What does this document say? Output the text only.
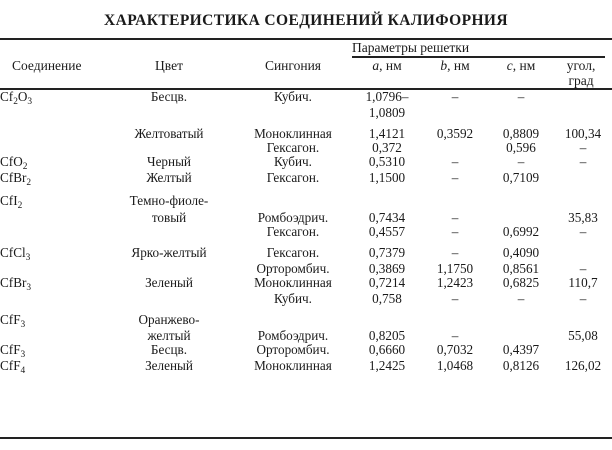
ХАРАКТЕРИСТИКА СОЕДИНЕНИЙ КАЛИФОРНИЯ
			Параметры решетки			

Соединение	Цвет	Сингония	a, нм	b, нм	c, нм	угол,
град
$Cf_2O_3$	Бесцв.	Кубич.	1,0796–	–	–	
			1,0809			

	Желтоватый	Моноклинная	1,4121	0,3592	0,8809	100,34
		Гексагон.	0,372		0,596	–
CfO$_2$	Черный	Кубич.	0,5310	–	–	–
CfBr$_2$	Желтый	Гексагон.	1,1500	–	0,7109	

CfI$_2$	Темно-фиоле-					
	товый	Ромбоэдрич.	0,7434	–		35,83
		Гексагон.	0,4557	–	0,6992	–

CfCl$_3$	Ярко-желтый	Гексагон.	0,7379	–	0,4090	
		Орторомбич.	0,3869	1,1750	0,8561	–
CfBr$_3$	Зеленый	Моноклинная	0,7214	1,2423	0,6825	110,7
		Кубич.	0,758	–	–	–

CfF$_3$	Оранжево-					
	желтый	Ромбоэдрич.	0,8205	–		55,08
CfF$_3$	Бесцв.	Орторомбич.	0,6660	0,7032	0,4397	
CfF$_4$	Зеленый	Моноклинная	1,2425	1,0468	0,8126	126,02
